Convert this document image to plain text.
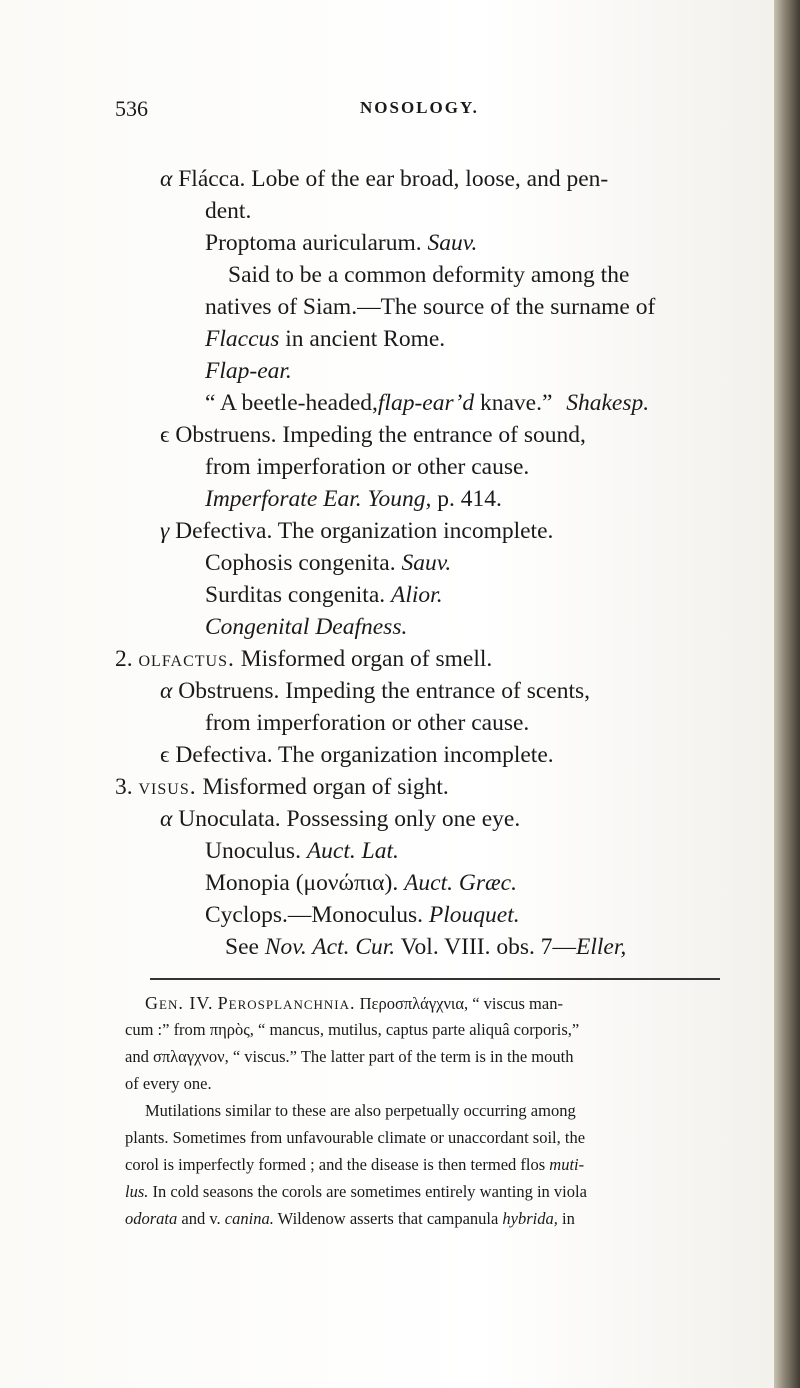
536	NOSOLOGY.
α Flácca. Lobe of the ear broad, loose, and pen-
dent.
Proptoma auricularum. Sauv.
Said to be a common deformity among the
natives of Siam.—The source of the surname of
Flaccus in ancient Rome.
Flap-ear.
“ A beetle-headed,flap-ear’d knave.” Shakesp.
ϵ Obstruens. Impeding the entrance of sound,
from imperforation or other cause.
Imperforate Ear. Young, p. 414.
γ Defectiva. The organization incomplete.
Cophosis congenita. Sauv.
Surditas congenita. Alior.
Congenital Deafness.
2. olfactus. Misformed organ of smell.
α Obstruens. Impeding the entrance of scents,
from imperforation or other cause.
ϵ Defectiva. The organization incomplete.
3. visus. Misformed organ of sight.
α Unoculata. Possessing only one eye.
Unoculus. Auct. Lat.
Monopia (μονώπια). Auct. Græc.
Cyclops.—Monoculus. Plouquet.
See Nov. Act. Cur. Vol. VIII. obs. 7—Eller,
Gen. IV. Perosplanchnia. Περοσπλάγχνια, “ viscus man-
cum :” from πηρὸς, “ mancus, mutilus, captus parte aliquâ corporis,”
and σπλαγχνον, “ viscus.” The latter part of the term is in the mouth
of every one.
Mutilations similar to these are also perpetually occurring among
plants. Sometimes from unfavourable climate or unaccordant soil, the
corol is imperfectly formed ; and the disease is then termed flos muti-
lus. In cold seasons the corols are sometimes entirely wanting in viola
odorata and v. canina. Wildenow asserts that campanula hybrida, in
